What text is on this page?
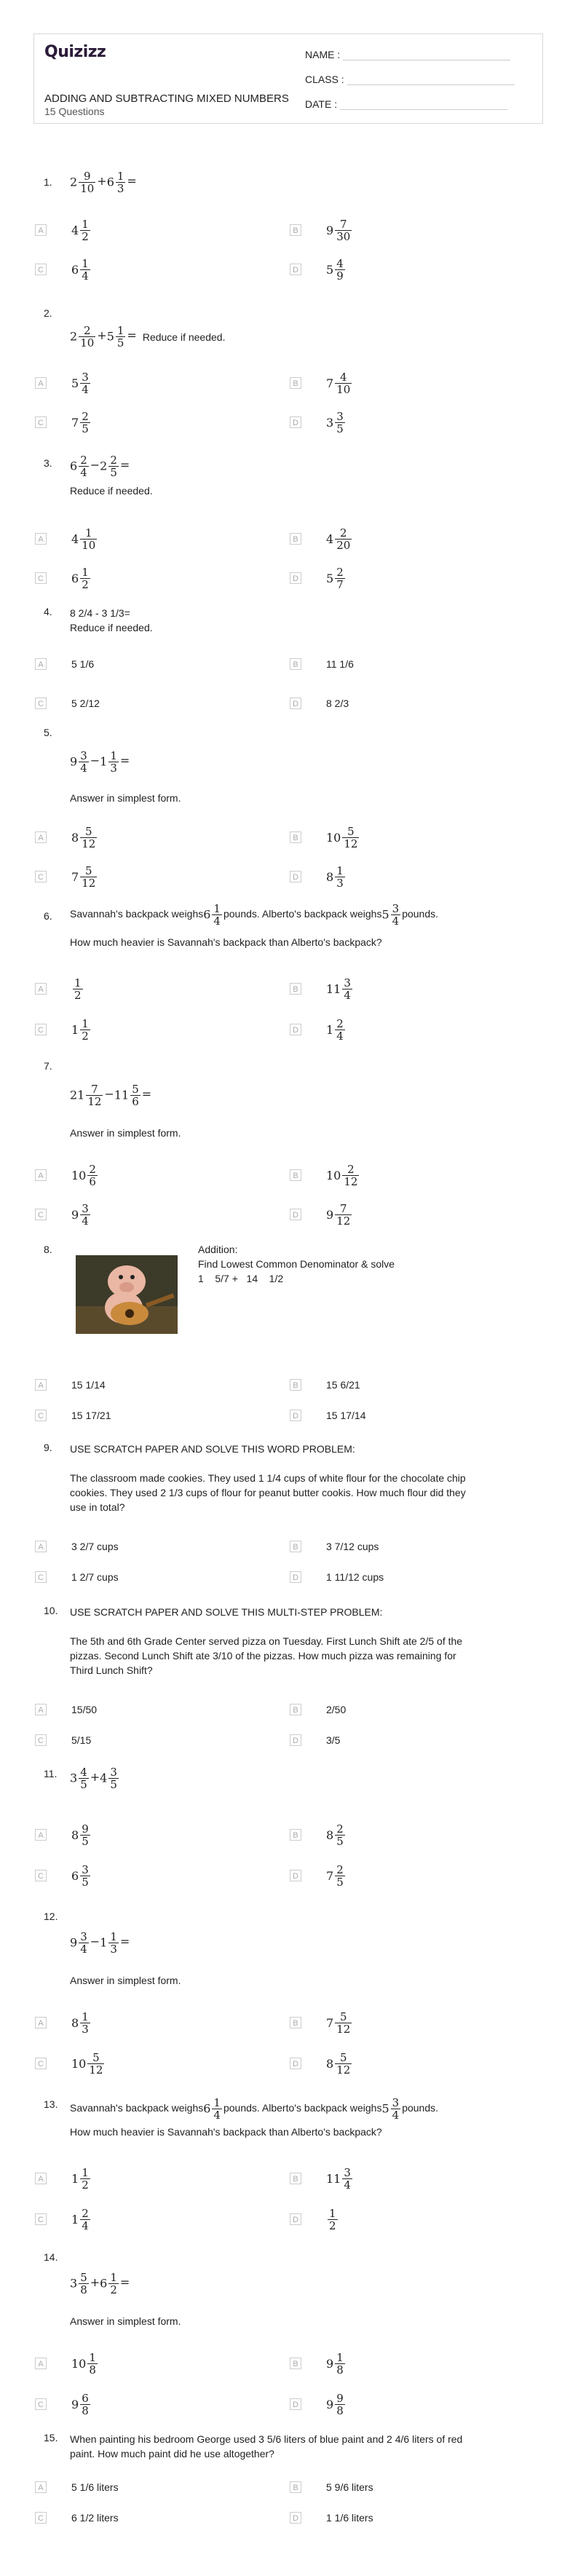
Quizizz	NAME :
CLASS :
DATE :
ADDING AND SUBTRACTING MIXED NUMBERS
15 Questions
1. $2 \frac{9}{10} +6 \frac{1}{3}$ =
A $4 \frac{1}{2}$	B $9 \frac{7}{30}$
C $6 \frac{1}{4}$	D $5 \frac{4}{9}$
2.
$2 \frac{2}{10} +5 \frac{1}{5}$ = Reduce if needed.
A $5 \frac{3}{4}$	B $7 \frac{4}{10}$
C $7 \frac{2}{5}$	D $3 \frac{3}{5}$
3. $6 \frac{2}{4} -2 \frac{2}{5}$ =
Reduce if needed.
A $4 \frac{1}{10}$	B $4 \frac{2}{20}$
C $6 \frac{1}{2}$	D $5 \frac{2}{7}$
4. 8 2/4 - 3 1/3=
Reduce if needed.
A	5 1/6	B	11 1/6
C	5 2/12	D	8 2/3
5.
$9 \frac{3}{4} -1 \frac{1}{3}$ =
Answer in simplest form.
A $8 \frac{5}{12}$	B $10 \frac{5}{12}$
C $7 \frac{5}{12}$	D $8 \frac{1}{3}$
6. Savannah's backpack weighs6 $\frac{1}{4}$ pounds. Alberto's backpack weighs5 $\frac{3}{4}$ pounds.
How much heavier is Savannah's backpack than Alberto's backpack?
A	$\frac{1}{2}$	B $11 \frac{3}{4}$
C $1 \frac{1}{2}$	D $1 \frac{2}{4}$
7.
$21 \frac{7}{12} -11 \frac{5}{6}$ =
Answer in simplest form.
A $10 \frac{2}{6}$	B $10 \frac{2}{12}$
C $9 \frac{3}{4}$	D $9 \frac{7}{12}$
8.	Addition:
Find Lowest Common Denominator & solve
1    5/7 +   14    1/2
A	15 1/14	B	15 6/21
C	15 17/21	D	15 17/14
9. USE SCRATCH PAPER AND SOLVE THIS WORD PROBLEM:
The classroom made cookies. They used 1 1/4 cups of white flour for the chocolate chip
cookies. They used 2 1/3 cups of flour for peanut butter cookis. How much flour did they
use in total?
A	3 2/7 cups	B	3 7/12 cups
C	1 2/7 cups	D	1 11/12 cups
10. USE SCRATCH PAPER AND SOLVE THIS MULTI-STEP PROBLEM:
The 5th and 6th Grade Center served pizza on Tuesday. First Lunch Shift ate 2/5 of the
pizzas. Second Lunch Shift ate 3/10 of the pizzas. How much pizza was remaining for
Third Lunch Shift?
A	15/50	B	2/50
C	5/15	D	3/5
11. $3 \frac{4}{5} +4 \frac{3}{5}$
A $8 \frac{9}{5}$	B $8 \frac{2}{5}$
C $6 \frac{3}{5}$	D $7 \frac{2}{5}$
12.
$9 \frac{3}{4} -1 \frac{1}{3}$ =
Answer in simplest form.
A $8 \frac{1}{3}$	B $7 \frac{5}{12}$
C $10 \frac{5}{12}$	D $8 \frac{5}{12}$
13. Savannah's backpack weighs6 $\frac{1}{4}$ pounds. Alberto's backpack weighs5 $\frac{3}{4}$ pounds.
How much heavier is Savannah's backpack than Alberto's backpack?
A $1 \frac{1}{2}$	B $11 \frac{3}{4}$
C $1 \frac{2}{4}$	D	$\frac{1}{2}$
14.
$3 \frac{5}{8} +6 \frac{1}{2}$ =
Answer in simplest form.
A $10 \frac{1}{8}$	B $9 \frac{1}{8}$
C $9 \frac{6}{8}$	D $9 \frac{9}{8}$
15. When painting his bedroom George used 3 5/6 liters of blue paint and 2 4/6 liters of red
paint. How much paint did he use altogether?
A	5 1/6 liters	B	5 9/6 liters
C	6 1/2 liters	D	1 1/6 liters
